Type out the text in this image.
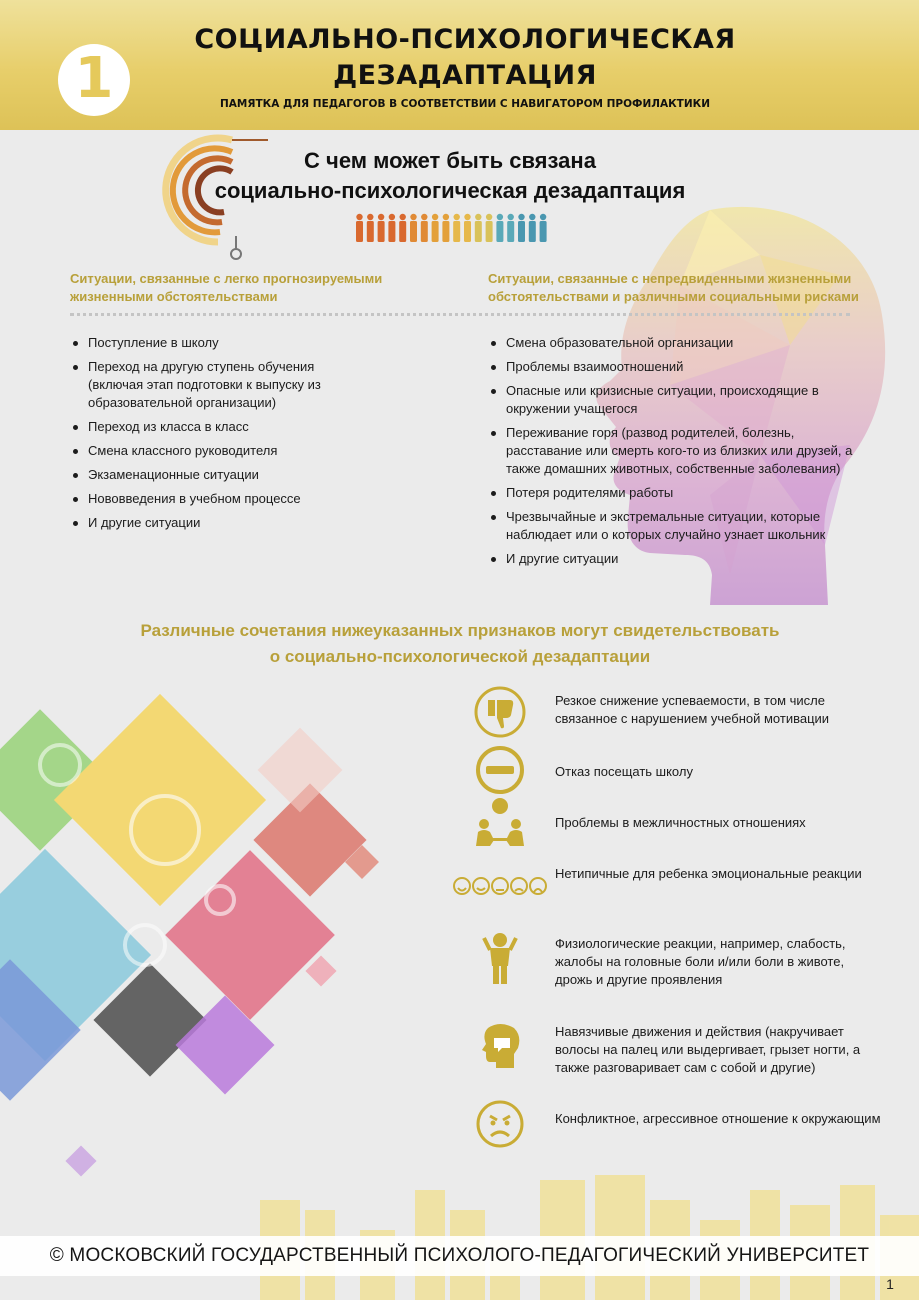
1
СОЦИАЛЬНО-ПСИХОЛОГИЧЕСКАЯ
ДЕЗАДАПТАЦИЯ
ПАМЯТКА ДЛЯ ПЕДАГОГОВ В СООТВЕТСТВИИ С НАВИГАТОРОМ ПРОФИЛАКТИКИ
С чем может быть связана
социально-психологическая дезадаптация
Ситуации, связанные с легко прогнозируемыми жизненными обстоятельствами
Ситуации, связанные с непредвиденными жизненными обстоятельствами и различными социальными рисками
Поступление в школу
Переход на другую ступень обучения (включая этап подготовки к выпуску из образовательной организации)
Переход из класса в класс
Смена классного руководителя
Экзаменационные ситуации
Нововведения в учебном процессе
И другие ситуации
Смена образовательной организации
Проблемы взаимоотношений
Опасные или кризисные ситуации, происходящие в окружении учащегося
Переживание горя (развод родителей, болезнь, расставание или смерть кого-то из близких или друзей, а также домашних животных, собственные заболевания)
Потеря родителями работы
Чрезвычайные и экстремальные ситуации, которые наблюдает или о которых случайно узнает школьник
И другие ситуации
Различные сочетания нижеуказанных признаков могут свидетельствовать
о социально-психологической дезадаптации
Резкое снижение успеваемости, в том числе связанное с нарушением учебной мотивации
Отказ посещать школу
Проблемы в межличностных отношениях
Нетипичные для ребенка эмоциональные реакции
Физиологические реакции, например, слабость, жалобы на головные боли и/или боли в животе, дрожь и другие проявления
Навязчивые движения и действия (накручивает волосы на палец или выдергивает, грызет ногти, а также разговаривает сам с собой и другие)
Конфликтное, агрессивное отношение к окружающим
© МОСКОВСКИЙ ГОСУДАРСТВЕННЫЙ ПСИХОЛОГО-ПЕДАГОГИЧЕСКИЙ УНИВЕРСИТЕТ
1
